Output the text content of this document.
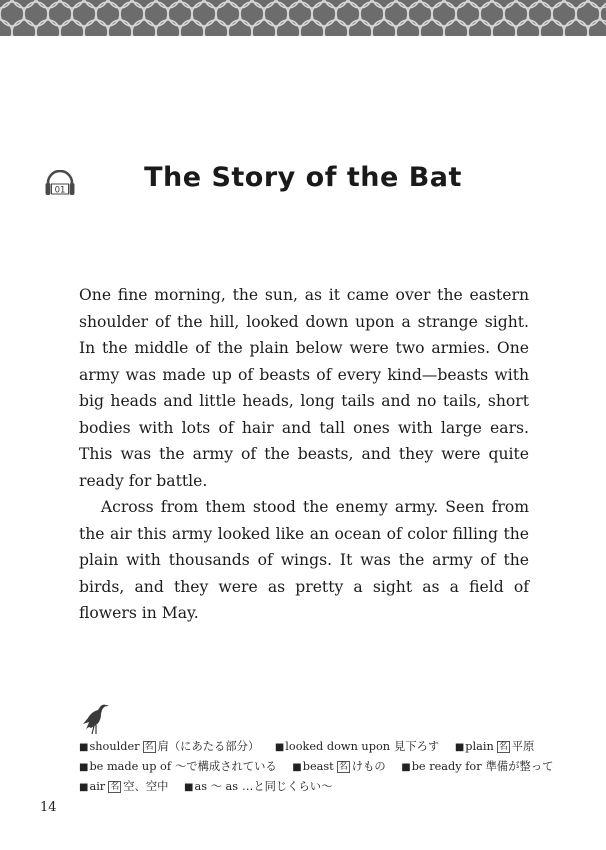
01	The Story of the Bat

One fine morning, the sun, as it came over the eastern shoulder of the hill, looked down upon a strange sight. In the middle of the plain below were two armies. One army was made up of beasts of every kind—beasts with big heads and little heads, long tails and no tails, short bodies with lots of hair and tall ones with large ears. This was the army of the beasts, and they were quite ready for battle.

Across from them stood the enemy army. Seen from the air this army looked like an ocean of color filling the plain with thousands of wings. It was the army of the birds, and they were as pretty a sight as a field of flowers in May.

■shoulder 名 肩（にあたる部分） ■looked down upon 見下ろす ■plain 名 平原
■be made up of 〜で構成されている ■beast 名 けもの ■be ready for 準備が整って
■air 名 空、空中 ■as 〜 as …と同じくらい〜
14
